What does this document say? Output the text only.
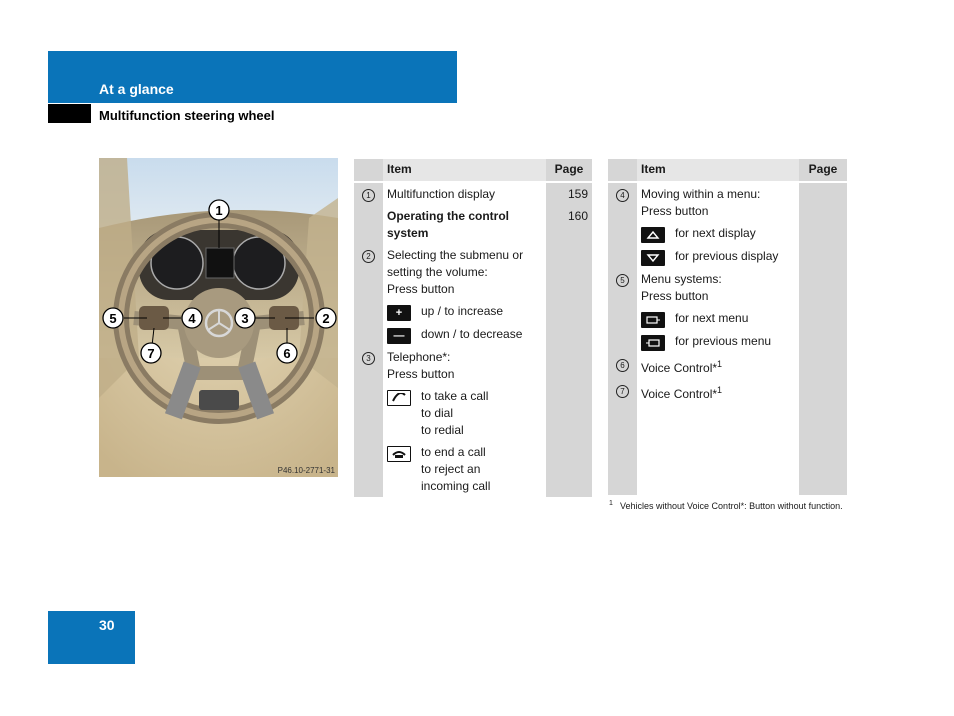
At a glance
Multifunction steering wheel
1
5	4	3	2
7	6
P46.10-2771-31
	Item	Page
1	Multifunction display	159
	Operating the control system	160
2	Selecting the submenu or
setting the volume:
Press button	

+ up / to increase	

— down / to decrease	

3	Telephone*:
Press button	

	to take a call
to dial
to redial	

	to end a call
to reject an
incoming call	

	Item	Page
4	Moving within a menu:
Press button	

	for next display	

	for previous display	

5	Menu systems:
Press button	

	for next menu	

	for previous menu	

6	Voice Control*$^1$	
7	Voice Control*$^1$	

1 Vehicles without Voice Control*: Button without function.
30
